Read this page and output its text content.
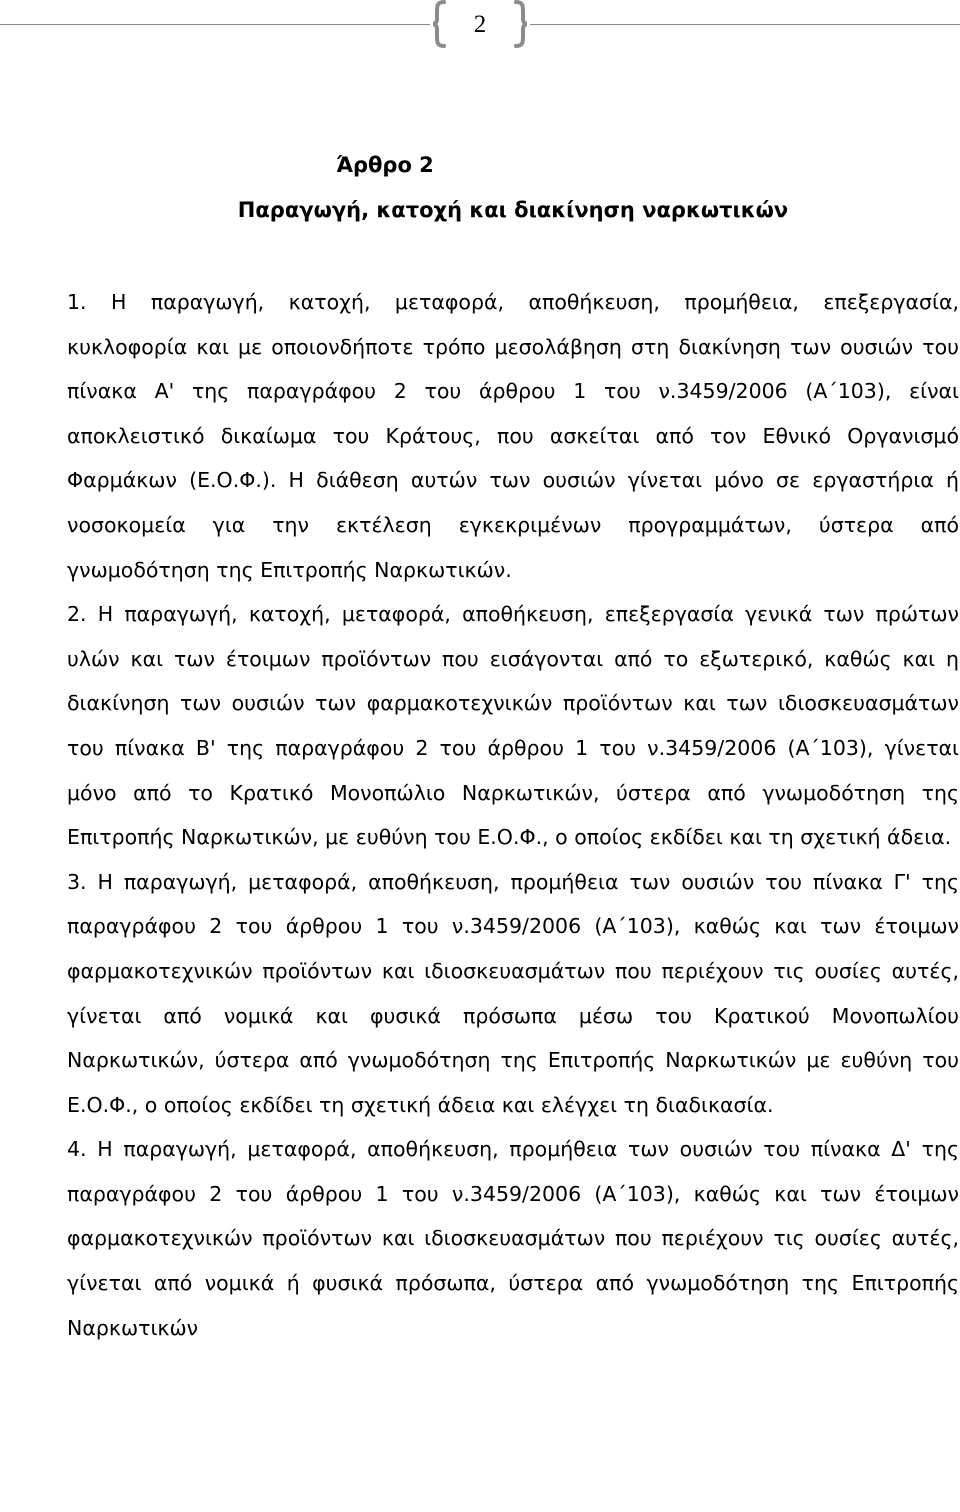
2
Άρθρο 2
Παραγωγή, κατοχή και διακίνηση ναρκωτικών

1. Η παραγωγή, κατοχή, μεταφορά, αποθήκευση, προμήθεια, επεξεργασία, κυκλοφορία και με οποιονδήποτε τρόπο μεσολάβηση στη διακίνηση των ουσιών του πίνακα Α' της παραγράφου 2 του άρθρου 1 του ν.3459/2006 (Α΄103), είναι αποκλειστικό δικαίωμα του Κράτους, που ασκείται από τον Εθνικό Οργανισμό Φαρμάκων (Ε.Ο.Φ.). Η διάθεση αυτών των ουσιών γίνεται μόνο σε εργαστήρια ή νοσοκομεία για την εκτέλεση εγκεκριμένων προγραμμάτων, ύστερα από γνωμοδότηση της Επιτροπής Ναρκωτικών.

2. Η παραγωγή, κατοχή, μεταφορά, αποθήκευση, επεξεργασία γενικά των πρώτων υλών και των έτοιμων προϊόντων που εισάγονται από το εξωτερικό, καθώς και η διακίνηση των ουσιών των φαρμακοτεχνικών προϊόντων και των ιδιοσκευασμάτων του πίνακα Β' της παραγράφου 2 του άρθρου 1 του ν.3459/2006 (Α΄103), γίνεται μόνο από το Κρατικό Μονοπώλιο Ναρκωτικών, ύστερα από γνωμοδότηση της Επιτροπής Ναρκωτικών, με ευθύνη του Ε.Ο.Φ., ο οποίος εκδίδει και τη σχετική άδεια.

3. Η παραγωγή, μεταφορά, αποθήκευση, προμήθεια των ουσιών του πίνακα Γ' της παραγράφου 2 του άρθρου 1 του ν.3459/2006 (Α΄103), καθώς και των έτοιμων φαρμακοτεχνικών προϊόντων και ιδιοσκευασμάτων που περιέχουν τις ουσίες αυτές, γίνεται από νομικά και φυσικά πρόσωπα μέσω του Κρατικού Μονοπωλίου Ναρκωτικών, ύστερα από γνωμοδότηση της Επιτροπής Ναρκωτικών με ευθύνη του Ε.Ο.Φ., ο οποίος εκδίδει τη σχετική άδεια και ελέγχει τη διαδικασία.

4. Η παραγωγή, μεταφορά, αποθήκευση, προμήθεια των ουσιών του πίνακα Δ' της παραγράφου 2 του άρθρου 1 του ν.3459/2006 (Α΄103), καθώς και των έτοιμων φαρμακοτεχνικών προϊόντων και ιδιοσκευασμάτων που περιέχουν τις ουσίες αυτές, γίνεται από νομικά ή φυσικά πρόσωπα, ύστερα από γνωμοδότηση της Επιτροπής Ναρκωτικών
